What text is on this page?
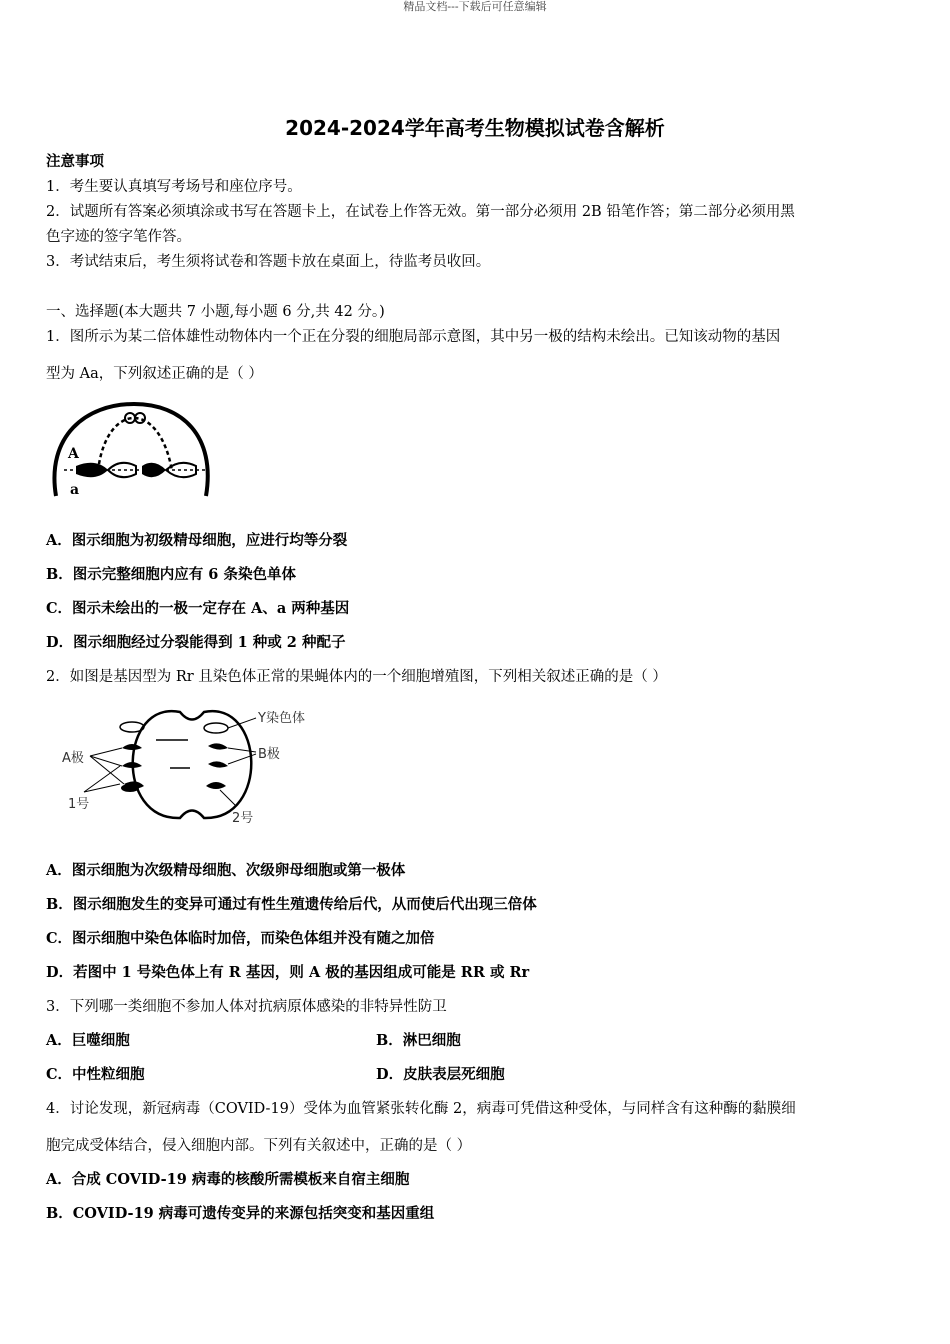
精品文档---下载后可任意编辑
2024-2024学年高考生物模拟试卷含解析
注意事项
1．考生要认真填写考场号和座位序号。
2．试题所有答案必须填涂或书写在答题卡上，在试卷上作答无效。第一部分必须用 2B 铅笔作答；第二部分必须用黑
色字迹的签字笔作答。
3．考试结束后，考生须将试卷和答题卡放在桌面上，待监考员收回。
一、选择题(本大题共 7 小题,每小题 6 分,共 42 分。)
1．图所示为某二倍体雄性动物体内一个正在分裂的细胞局部示意图，其中另一极的结构未绘出。已知该动物的基因
型为 Aa，下列叙述正确的是（ ）
A
a
A．图示细胞为初级精母细胞，应进行均等分裂
B．图示完整细胞内应有 6 条染色单体
C．图示未绘出的一极一定存在 A、a 两种基因
D．图示细胞经过分裂能得到 1 种或 2 种配子
2．如图是基因型为 Rr 且染色体正常的果蝇体内的一个细胞增殖图，下列相关叙述正确的是（ ）
Y染色体
A极	B极
1号
2号
A．图示细胞为次级精母细胞、次级卵母细胞或第一极体
B．图示细胞发生的变异可通过有性生殖遗传给后代，从而使后代出现三倍体
C．图示细胞中染色体临时加倍，而染色体组并没有随之加倍
D．若图中 1 号染色体上有 R 基因，则 A 极的基因组成可能是 RR 或 Rr
3．下列哪一类细胞不参加人体对抗病原体感染的非特异性防卫
A．巨噬细胞	B．淋巴细胞
C．中性粒细胞	D．皮肤表层死细胞
4．讨论发现，新冠病毒（COVID-19）受体为血管紧张转化酶 2，病毒可凭借这种受体，与同样含有这种酶的黏膜细
胞完成受体结合，侵入细胞内部。下列有关叙述中，正确的是（ ）
A．合成 COVID-19 病毒的核酸所需模板来自宿主细胞
B．COVID-19 病毒可遗传变异的来源包括突变和基因重组
